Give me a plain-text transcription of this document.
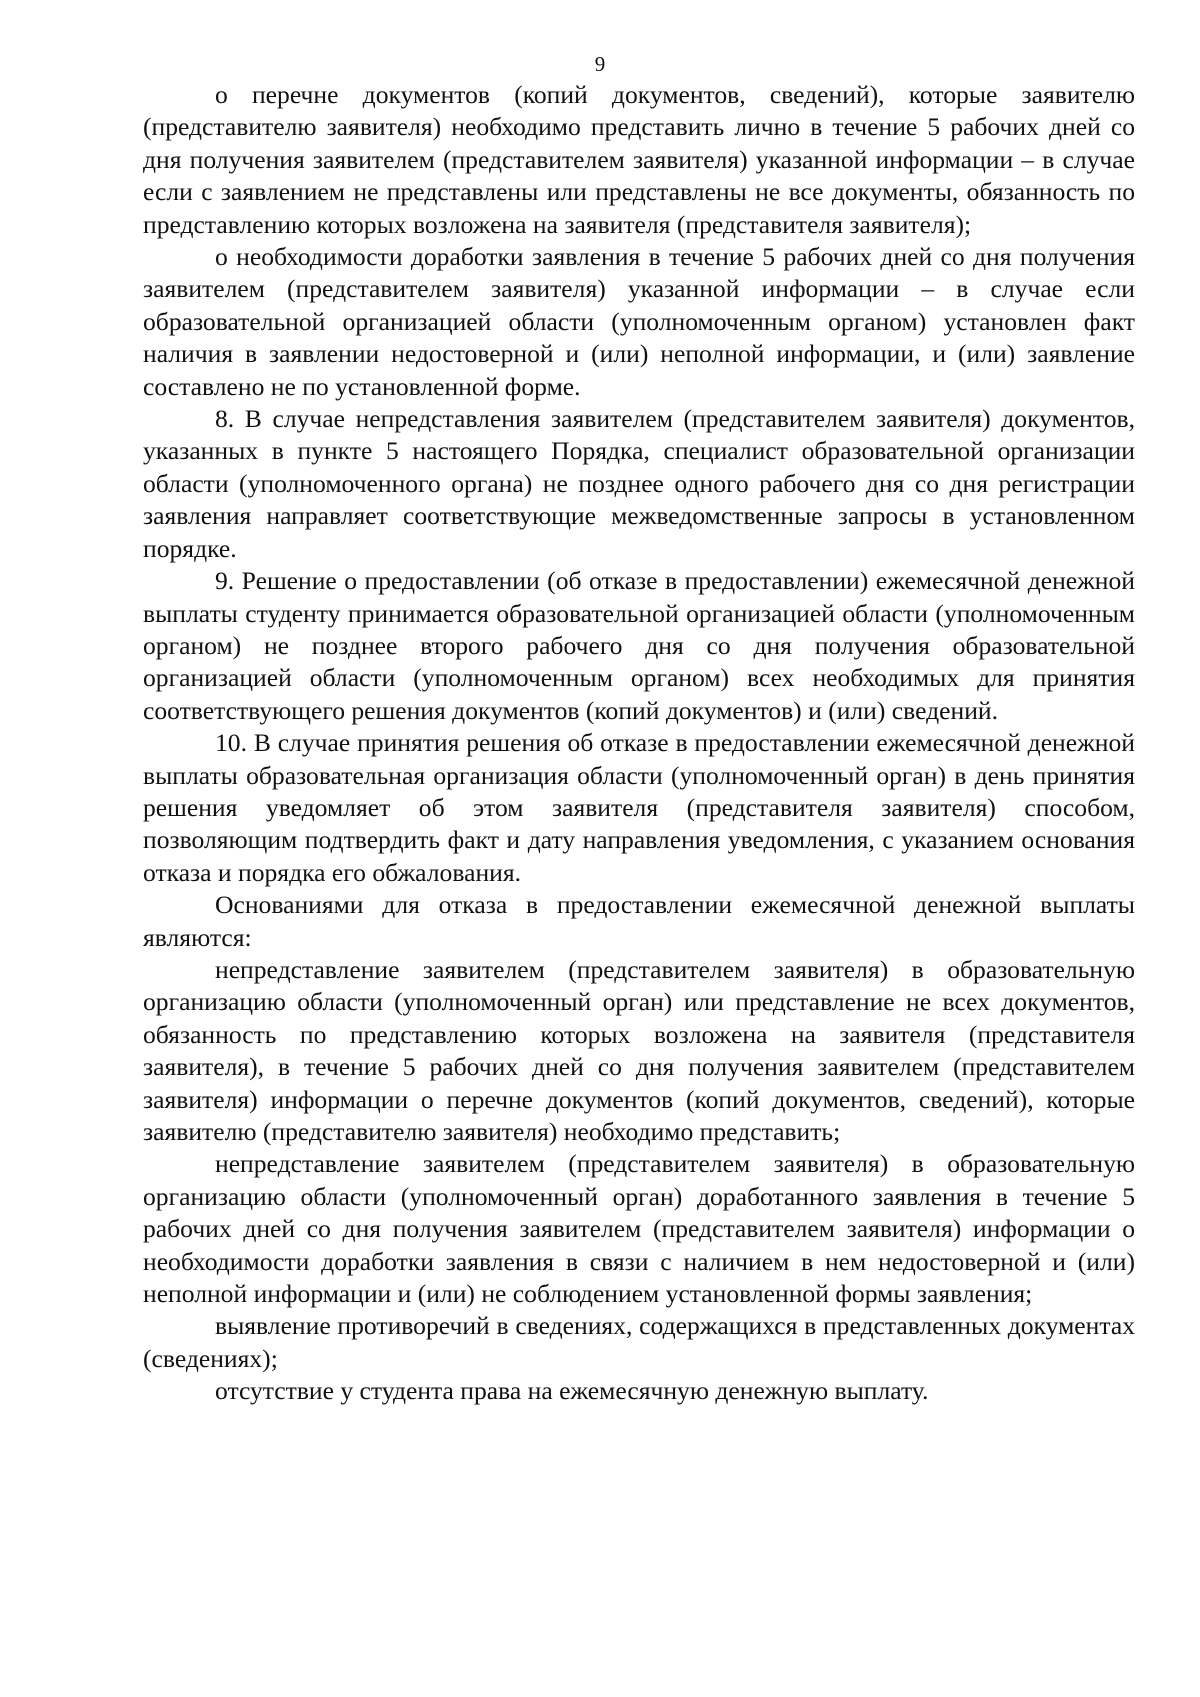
9

о перечне документов (копий документов, сведений), которые заявителю (представителю заявителя) необходимо представить лично в течение 5 рабочих дней со дня получения заявителем (представителем заявителя) указанной информации – в случае если с заявлением не представлены или представлены не все документы, обязанность по представлению которых возложена на заявителя (представителя заявителя);

о необходимости доработки заявления в течение 5 рабочих дней со дня получения заявителем (представителем заявителя) указанной информации – в случае если образовательной организацией области (уполномоченным органом) установлен факт наличия в заявлении недостоверной и (или) неполной информации, и (или) заявление составлено не по установленной форме.

8. В случае непредставления заявителем (представителем заявителя) документов, указанных в пункте 5 настоящего Порядка, специалист образовательной организации области (уполномоченного органа) не позднее одного рабочего дня со дня регистрации заявления направляет соответствующие межведомственные запросы в установленном порядке.

9. Решение о предоставлении (об отказе в предоставлении) ежемесячной денежной выплаты студенту принимается образовательной организацией области (уполномоченным органом) не позднее второго рабочего дня со дня получения образовательной организацией области (уполномоченным органом) всех необходимых для принятия соответствующего решения документов (копий документов) и (или) сведений.

10. В случае принятия решения об отказе в предоставлении ежемесячной денежной выплаты образовательная организация области (уполномоченный орган) в день принятия решения уведомляет об этом заявителя (представителя заявителя) способом, позволяющим подтвердить факт и дату направления уведомления, с указанием основания отказа и порядка его обжалования.

Основаниями для отказа в предоставлении ежемесячной денежной выплаты являются:

непредставление заявителем (представителем заявителя) в образовательную организацию области (уполномоченный орган) или представление не всех документов, обязанность по представлению которых возложена на заявителя (представителя заявителя), в течение 5 рабочих дней со дня получения заявителем (представителем заявителя) информации о перечне документов (копий документов, сведений), которые заявителю (представителю заявителя) необходимо представить;

непредставление заявителем (представителем заявителя) в образовательную организацию области (уполномоченный орган) доработанного заявления в течение 5 рабочих дней со дня получения заявителем (представителем заявителя) информации о необходимости доработки заявления в связи с наличием в нем недостоверной и (или) неполной информации и (или) не соблюдением установленной формы заявления;

выявление противоречий в сведениях, содержащихся в представленных документах (сведениях);

отсутствие у студента права на ежемесячную денежную выплату.
